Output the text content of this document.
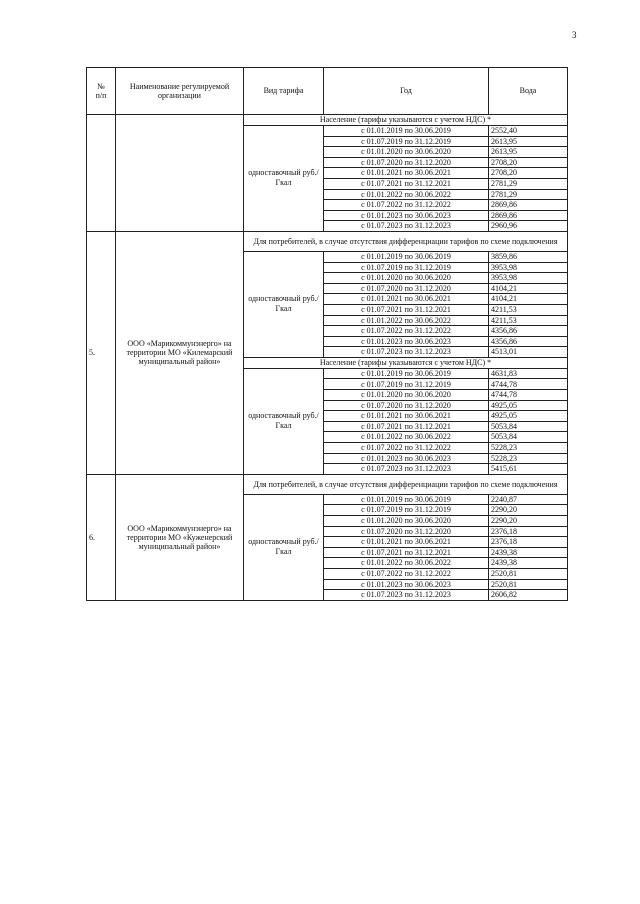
3
№
п/п	Наименование регулируемой организации	Вид тарифа	Год	Вода
		Население (тарифы указываются с учетом НДС) *		
		одноставочный руб./Гкал	с 01.01.2019 по 30.06.2019	2552,40
			с 01.07.2019 по 31.12.2019	2613,95
			с 01.01.2020 по 30.06.2020	2613,95
			с 01.07.2020 по 31.12.2020	2708,20
			с 01.01.2021 по 30.06.2021	2708,20
			с 01.07.2021 по 31.12.2021	2781,29
			с 01.01.2022 по 30.06.2022	2781,29
			с 01.07.2022 по 31.12.2022	2869,86
			с 01.01.2023 по 30.06.2023	2869,86
			с 01.07.2023 по 31.12.2023	2960,96
5.	ООО «Марикоммунэнерго» на территории МО «Килемарский муниципальный район»	Для потребителей, в случае отсутствия дифференциации тарифов по схеме подключения		
		одноставочный руб./Гкал	с 01.01.2019 по 30.06.2019	3859,86
			с 01.07.2019 по 31.12.2019	3953,98
			с 01.01.2020 по 30.06.2020	3953,98
			с 01.07.2020 по 31.12.2020	4104,21
			с 01.01.2021 по 30.06.2021	4104,21
			с 01.07.2021 по 31.12.2021	4211,53
			с 01.01.2022 по 30.06.2022	4211,53
			с 01.07.2022 по 31.12.2022	4356,86
			с 01.01.2023 по 30.06.2023	4356,86
			с 01.07.2023 по 31.12.2023	4513,01
		Население (тарифы указываются с учетом НДС) *		
		одноставочный руб./Гкал	с 01.01.2019 по 30.06.2019	4631,83
			с 01.07.2019 по 31.12.2019	4744,78
			с 01.01.2020 по 30.06.2020	4744,78
			с 01.07.2020 по 31.12.2020	4925,05
			с 01.01.2021 по 30.06.2021	4925,05
			с 01.07.2021 по 31.12.2021	5053,84
			с 01.01.2022 по 30.06.2022	5053,84
			с 01.07.2022 по 31.12.2022	5228,23
			с 01.01.2023 по 30.06.2023	5228,23
			с 01.07.2023 по 31.12.2023	5415,61
6.	ООО «Марикоммунэнерго» на территории МО «Куженерский муниципальный район»	Для потребителей, в случае отсутствия дифференциации тарифов по схеме подключения		
		одноставочный руб./Гкал	с 01.01.2019 по 30.06.2019	2240,87
			с 01.07.2019 по 31.12.2019	2290,20
			с 01.01.2020 по 30.06.2020	2290,20
			с 01.07.2020 по 31.12.2020	2376,18
			с 01.01.2021 по 30.06.2021	2376,18
			с 01.07.2021 по 31.12.2021	2439,38
			с 01.01.2022 по 30.06.2022	2439,38
			с 01.07.2022 по 31.12.2022	2520,81
			с 01.01.2023 по 30.06.2023	2520,81
			с 01.07.2023 по 31.12.2023	2606,82
